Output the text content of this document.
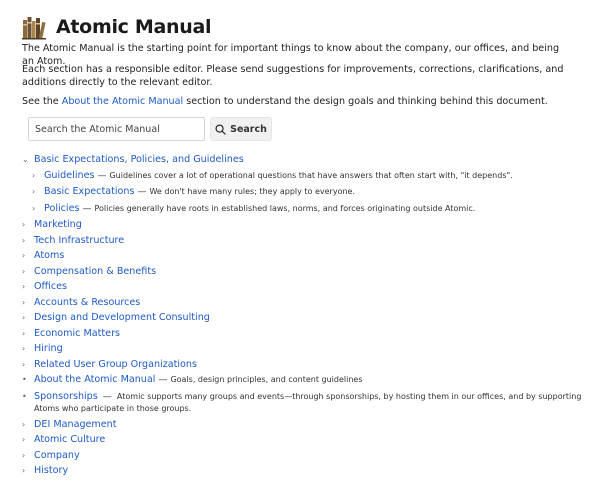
Atomic Manual

The Atomic Manual is the starting point for important things to know about the company, our offices, and being an Atom.

Each section has a responsible editor. Please send suggestions for improvements, corrections, clarifications, and additions directly to the relevant editor.

See the About the Atomic Manual section to understand the design goals and thinking behind this document.

Search the Atomic Manual
Search
⌄ Basic Expectations, Policies, and Guidelines
› Guidelines — Guidelines cover a lot of operational questions that have answers that often start with, "it depends".
› Basic Expectations — We don't have many rules; they apply to everyone.
› Policies — Policies generally have roots in established laws, norms, and forces originating outside Atomic.
› Marketing
› Tech Infrastructure
› Atoms
› Compensation & Benefits
› Offices
› Accounts & Resources
› Design and Development Consulting
› Economic Matters
› Hiring
› Related User Group Organizations
• About the Atomic Manual — Goals, design principles, and content guidelines
• Sponsorships — Atomic supports many groups and events—through sponsorships, by hosting them in our offices, and by supporting Atoms who participate in those groups.
› DEI Management
› Atomic Culture
› Company
› History
